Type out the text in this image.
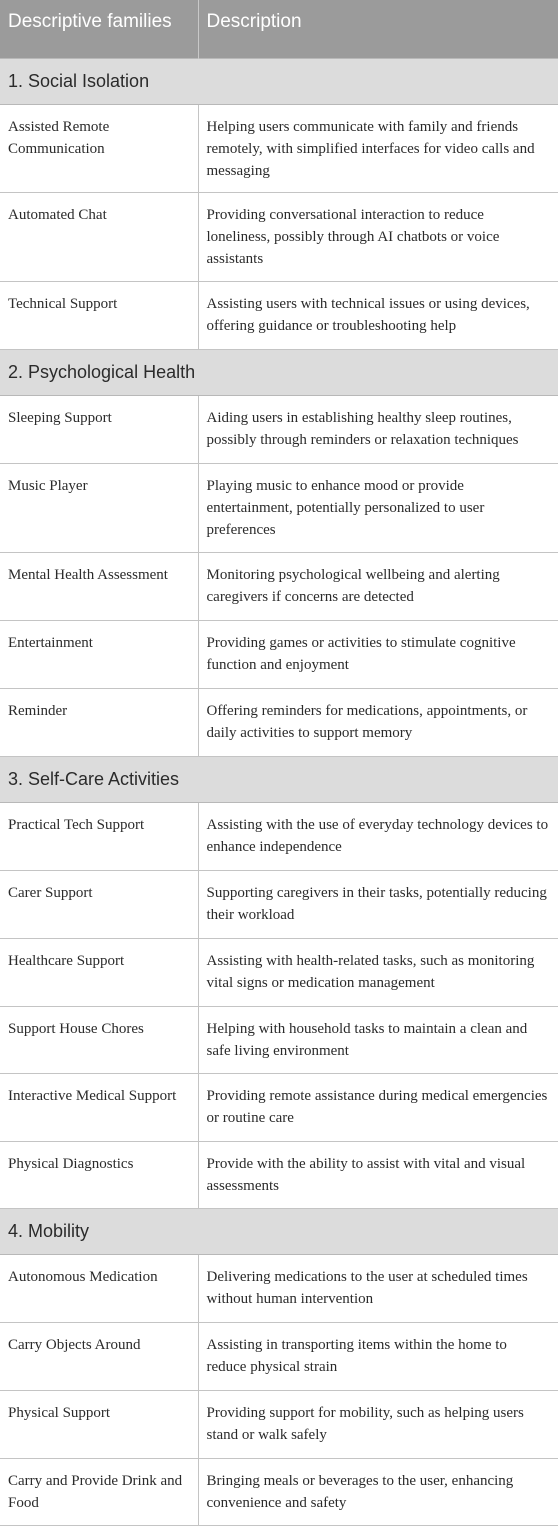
Descriptive families	Description
1. Social Isolation	
Assisted Remote Communication	Helping users communicate with family and friends remotely, with simplified interfaces for video calls and messaging
Automated Chat	Providing conversational interaction to reduce loneliness, possibly through AI chatbots or voice assistants
Technical Support	Assisting users with technical issues or using devices, offering guidance or troubleshooting help
2. Psychological Health	
Sleeping Support	Aiding users in establishing healthy sleep routines, possibly through reminders or relaxation techniques
Music Player	Playing music to enhance mood or provide entertainment, potentially personalized to user preferences
Mental Health Assessment	Monitoring psychological wellbeing and alerting caregivers if concerns are detected
Entertainment	Providing games or activities to stimulate cognitive function and enjoyment
Reminder	Offering reminders for medications, appointments, or daily activities to support memory
3. Self-Care Activities	
Practical Tech Support	Assisting with the use of everyday technology devices to enhance independence
Carer Support	Supporting caregivers in their tasks, potentially reducing their workload
Healthcare Support	Assisting with health-related tasks, such as monitoring vital signs or medication management
Support House Chores	Helping with household tasks to maintain a clean and safe living environment
Interactive Medical Support	Providing remote assistance during medical emergencies or routine care
Physical Diagnostics	Provide with the ability to assist with vital and visual assessments
4. Mobility	
Autonomous Medication	Delivering medications to the user at scheduled times without human intervention
Carry Objects Around	Assisting in transporting items within the home to reduce physical strain
Physical Support	Providing support for mobility, such as helping users stand or walk safely
Carry and Provide Drink and Food	Bringing meals or beverages to the user, enhancing convenience and safety
